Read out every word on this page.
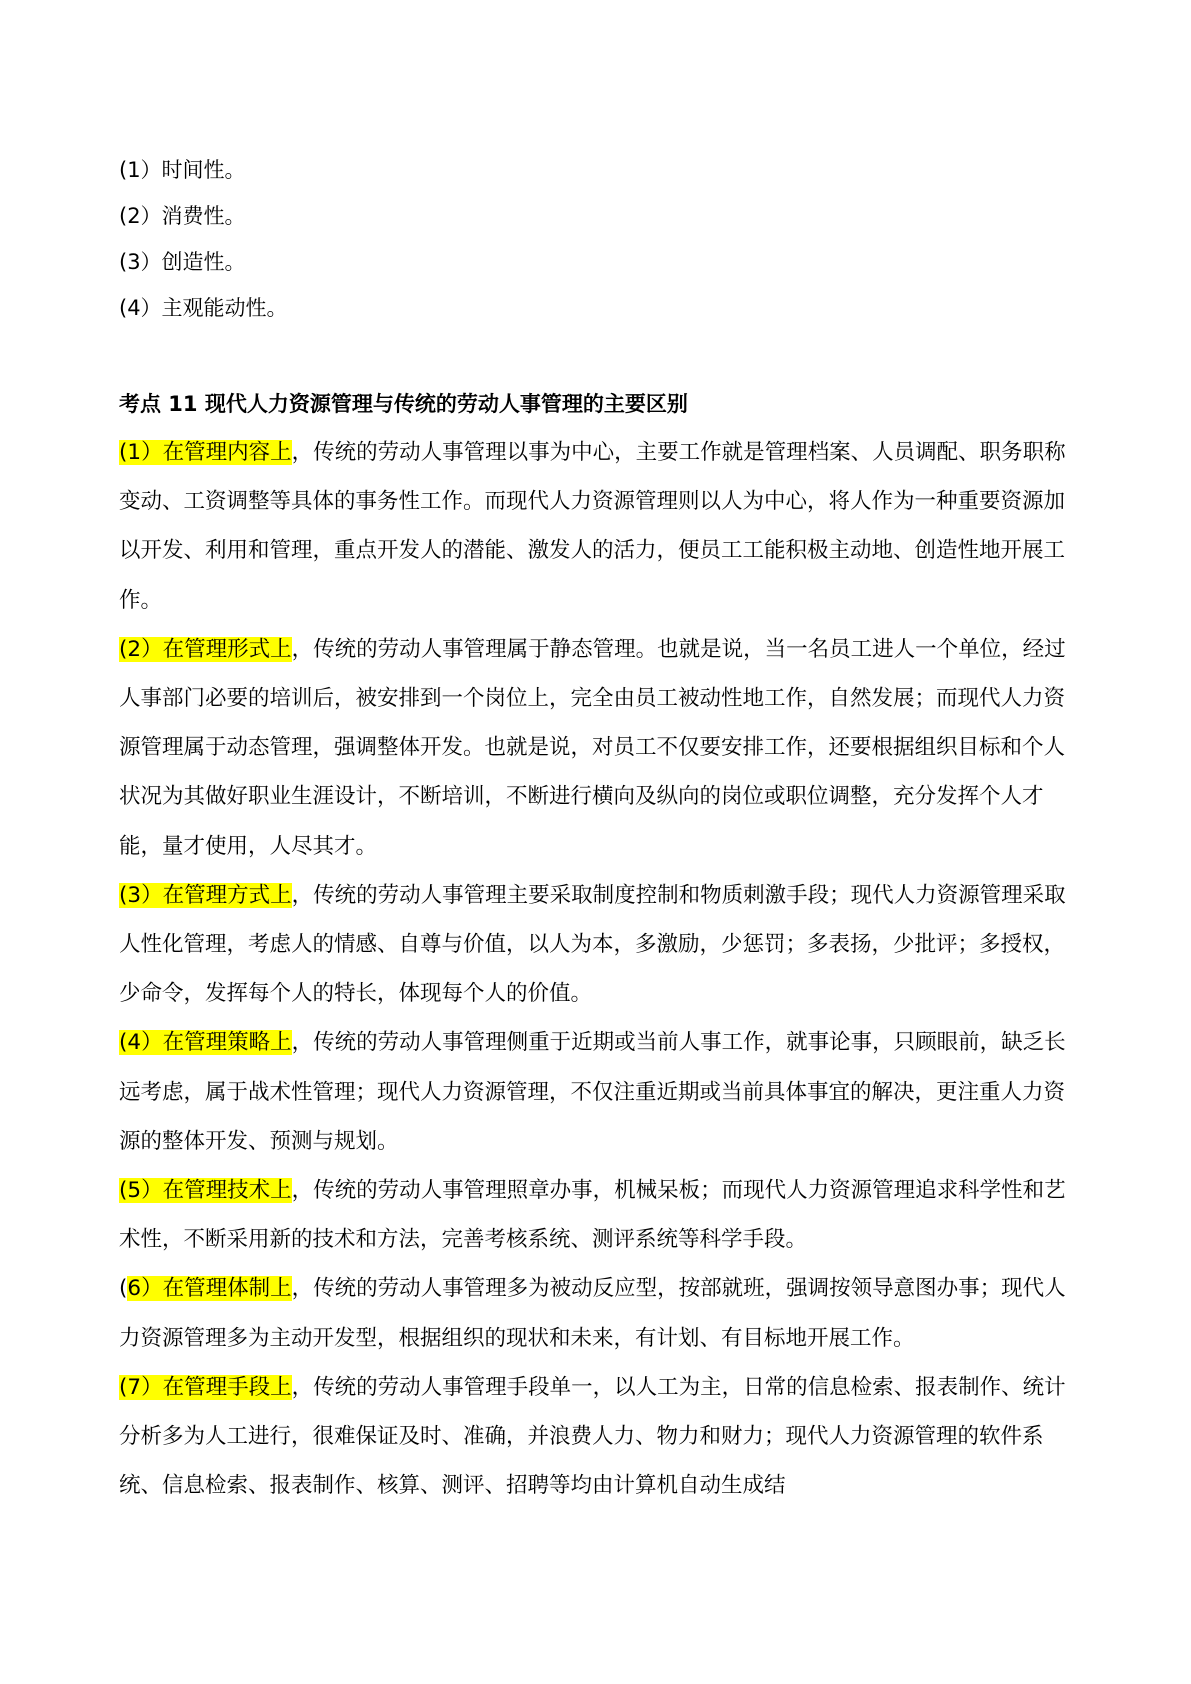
(1）时间性。
(2）消费性。
(3）创造性。
(4）主观能动性。
考点 11 现代人力资源管理与传统的劳动人事管理的主要区别

(1）在管理内容上，传统的劳动人事管理以事为中心，主要工作就是管理档案、人员调配、职务职称变动、工资调整等具体的事务性工作。而现代人力资源管理则以人为中心，将人作为一种重要资源加以开发、利用和管理，重点开发人的潜能、激发人的活力，便员工工能积极主动地、创造性地开展工作。

(2）在管理形式上，传统的劳动人事管理属于静态管理。也就是说，当一名员工进人一个单位，经过人事部门必要的培训后，被安排到一个岗位上，完全由员工被动性地工作，自然发展；而现代人力资源管理属于动态管理，强调整体开发。也就是说，对员工不仅要安排工作，还要根据组织目标和个人状况为其做好职业生涯设计，不断培训，不断进行横向及纵向的岗位或职位调整，充分发挥个人才能，量才使用，人尽其才。

(3）在管理方式上，传统的劳动人事管理主要采取制度控制和物质刺激手段；现代人力资源管理采取人性化管理，考虑人的情感、自尊与价值，以人为本，多激励，少惩罚；多表扬，少批评；多授权，少命令，发挥每个人的特长，体现每个人的价值。

(4）在管理策略上，传统的劳动人事管理侧重于近期或当前人事工作，就事论事，只顾眼前，缺乏长远考虑，属于战术性管理；现代人力资源管理，不仅注重近期或当前具体事宜的解决，更注重人力资源的整体开发、预测与规划。

(5）在管理技术上，传统的劳动人事管理照章办事，机械呆板；而现代人力资源管理追求科学性和艺术性，不断采用新的技术和方法，完善考核系统、测评系统等科学手段。

(6）在管理体制上，传统的劳动人事管理多为被动反应型，按部就班，强调按领导意图办事；现代人力资源管理多为主动开发型，根据组织的现状和未来，有计划、有目标地开展工作。

(7）在管理手段上，传统的劳动人事管理手段单一，以人工为主，日常的信息检索、报表制作、统计分析多为人工进行，很难保证及时、准确，并浪费人力、物力和财力；现代人力资源管理的软件系统、信息检索、报表制作、核算、测评、招聘等均由计算机自动生成结
